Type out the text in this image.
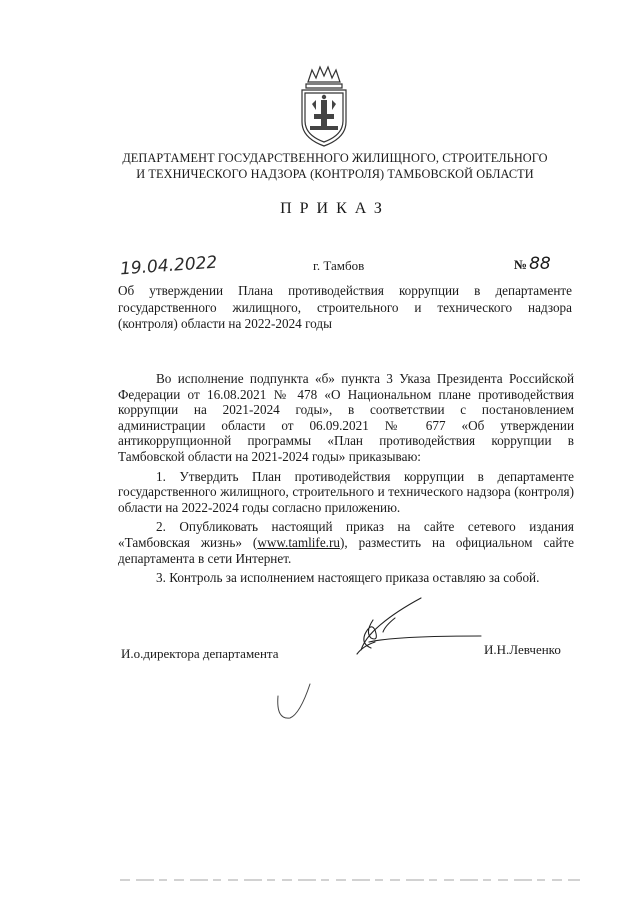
ДЕПАРТАМЕНТ ГОСУДАРСТВЕННОГО ЖИЛИЩНОГО, СТРОИТЕЛЬНОГО
И ТЕХНИЧЕСКОГО НАДЗОРА (КОНТРОЛЯ) ТАМБОВСКОЙ ОБЛАСТИ
ПРИКАЗ
19.04.2022	г. Тамбов	№ 88
Об утверждении Плана противодействия коррупции в департаменте государственного жилищного, строительного и технического надзора (контроля) области на 2022-2024 годы

Во исполнение подпункта «б» пункта 3 Указа Президента Российской Федерации от 16.08.2021 № 478 «О Национальном плане противодействия коррупции на 2021-2024 годы», в соответствии с постановлением администрации области от 06.09.2021 № 677 «Об утверждении антикоррупционной программы «План противодействия коррупции в Тамбовской области на 2021-2024 годы» приказываю:

1. Утвердить План противодействия коррупции в департаменте государственного жилищного, строительного и технического надзора (контроля) области на 2022-2024 годы согласно приложению.

2. Опубликовать настоящий приказ на сайте сетевого издания «Тамбовская жизнь» (www.tamlife.ru), разместить на официальном сайте департамента в сети Интернет.

3. Контроль за исполнением настоящего приказа оставляю за собой.

И.о.директора департамента	И.Н.Левченко
